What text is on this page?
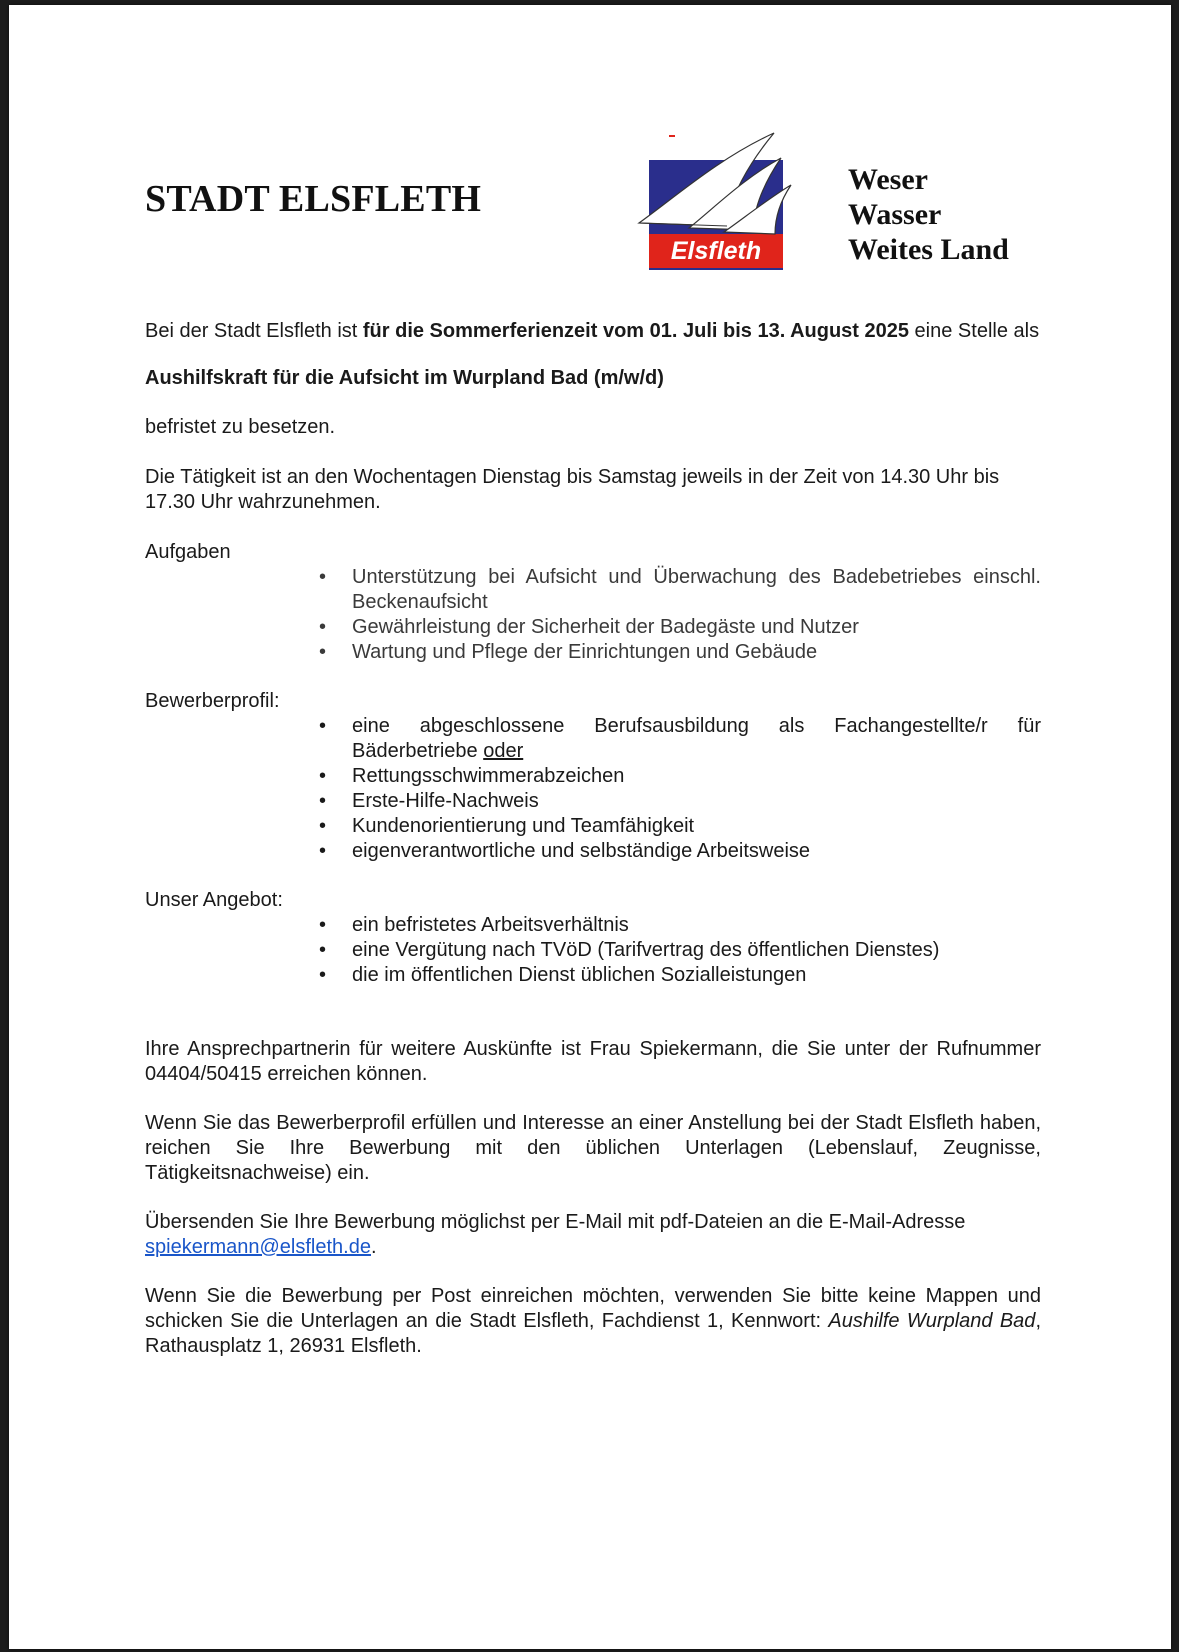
STADT ELSFLETH
Elsfleth
Weser
Wasser
Weites Land

Bei der Stadt Elsfleth ist für die Sommerferienzeit vom 01. Juli bis 13. August 2025 eine Stelle als

Aushilfskraft für die Aufsicht im Wurpland Bad (m/w/d)

befristet zu besetzen.

Die Tätigkeit ist an den Wochentagen Dienstag bis Samstag jeweils in der Zeit von 14.30 Uhr bis 17.30 Uhr wahrzunehmen.

Aufgaben

• Unterstützung bei Aufsicht und Überwachung des Badebetriebes einschl. Beckenaufsicht
• Gewährleistung der Sicherheit der Badegäste und Nutzer
• Wartung und Pflege der Einrichtungen und Gebäude

Bewerberprofil:

• eine abgeschlossene Berufsausbildung als Fachangestellte/r für Bäderbetriebe oder
• Rettungsschwimmerabzeichen
• Erste-Hilfe-Nachweis
• Kundenorientierung und Teamfähigkeit
• eigenverantwortliche und selbständige Arbeitsweise

Unser Angebot:

• ein befristetes Arbeitsverhältnis
• eine Vergütung nach TVöD (Tarifvertrag des öffentlichen Dienstes)
• die im öffentlichen Dienst üblichen Sozialleistungen

Ihre Ansprechpartnerin für weitere Auskünfte ist Frau Spiekermann, die Sie unter der Rufnummer 04404/50415 erreichen können.

Wenn Sie das Bewerberprofil erfüllen und Interesse an einer Anstellung bei der Stadt Elsfleth haben, reichen Sie Ihre Bewerbung mit den üblichen Unterlagen (Lebenslauf, Zeugnisse, Tätigkeitsnachweise) ein.

Übersenden Sie Ihre Bewerbung möglichst per E-Mail mit pdf-Dateien an die E-Mail-Adresse spiekermann@elsfleth.de.

Wenn Sie die Bewerbung per Post einreichen möchten, verwenden Sie bitte keine Mappen und schicken Sie die Unterlagen an die Stadt Elsfleth, Fachdienst 1, Kennwort: Aushilfe Wurpland Bad, Rathausplatz 1, 26931 Elsfleth.
